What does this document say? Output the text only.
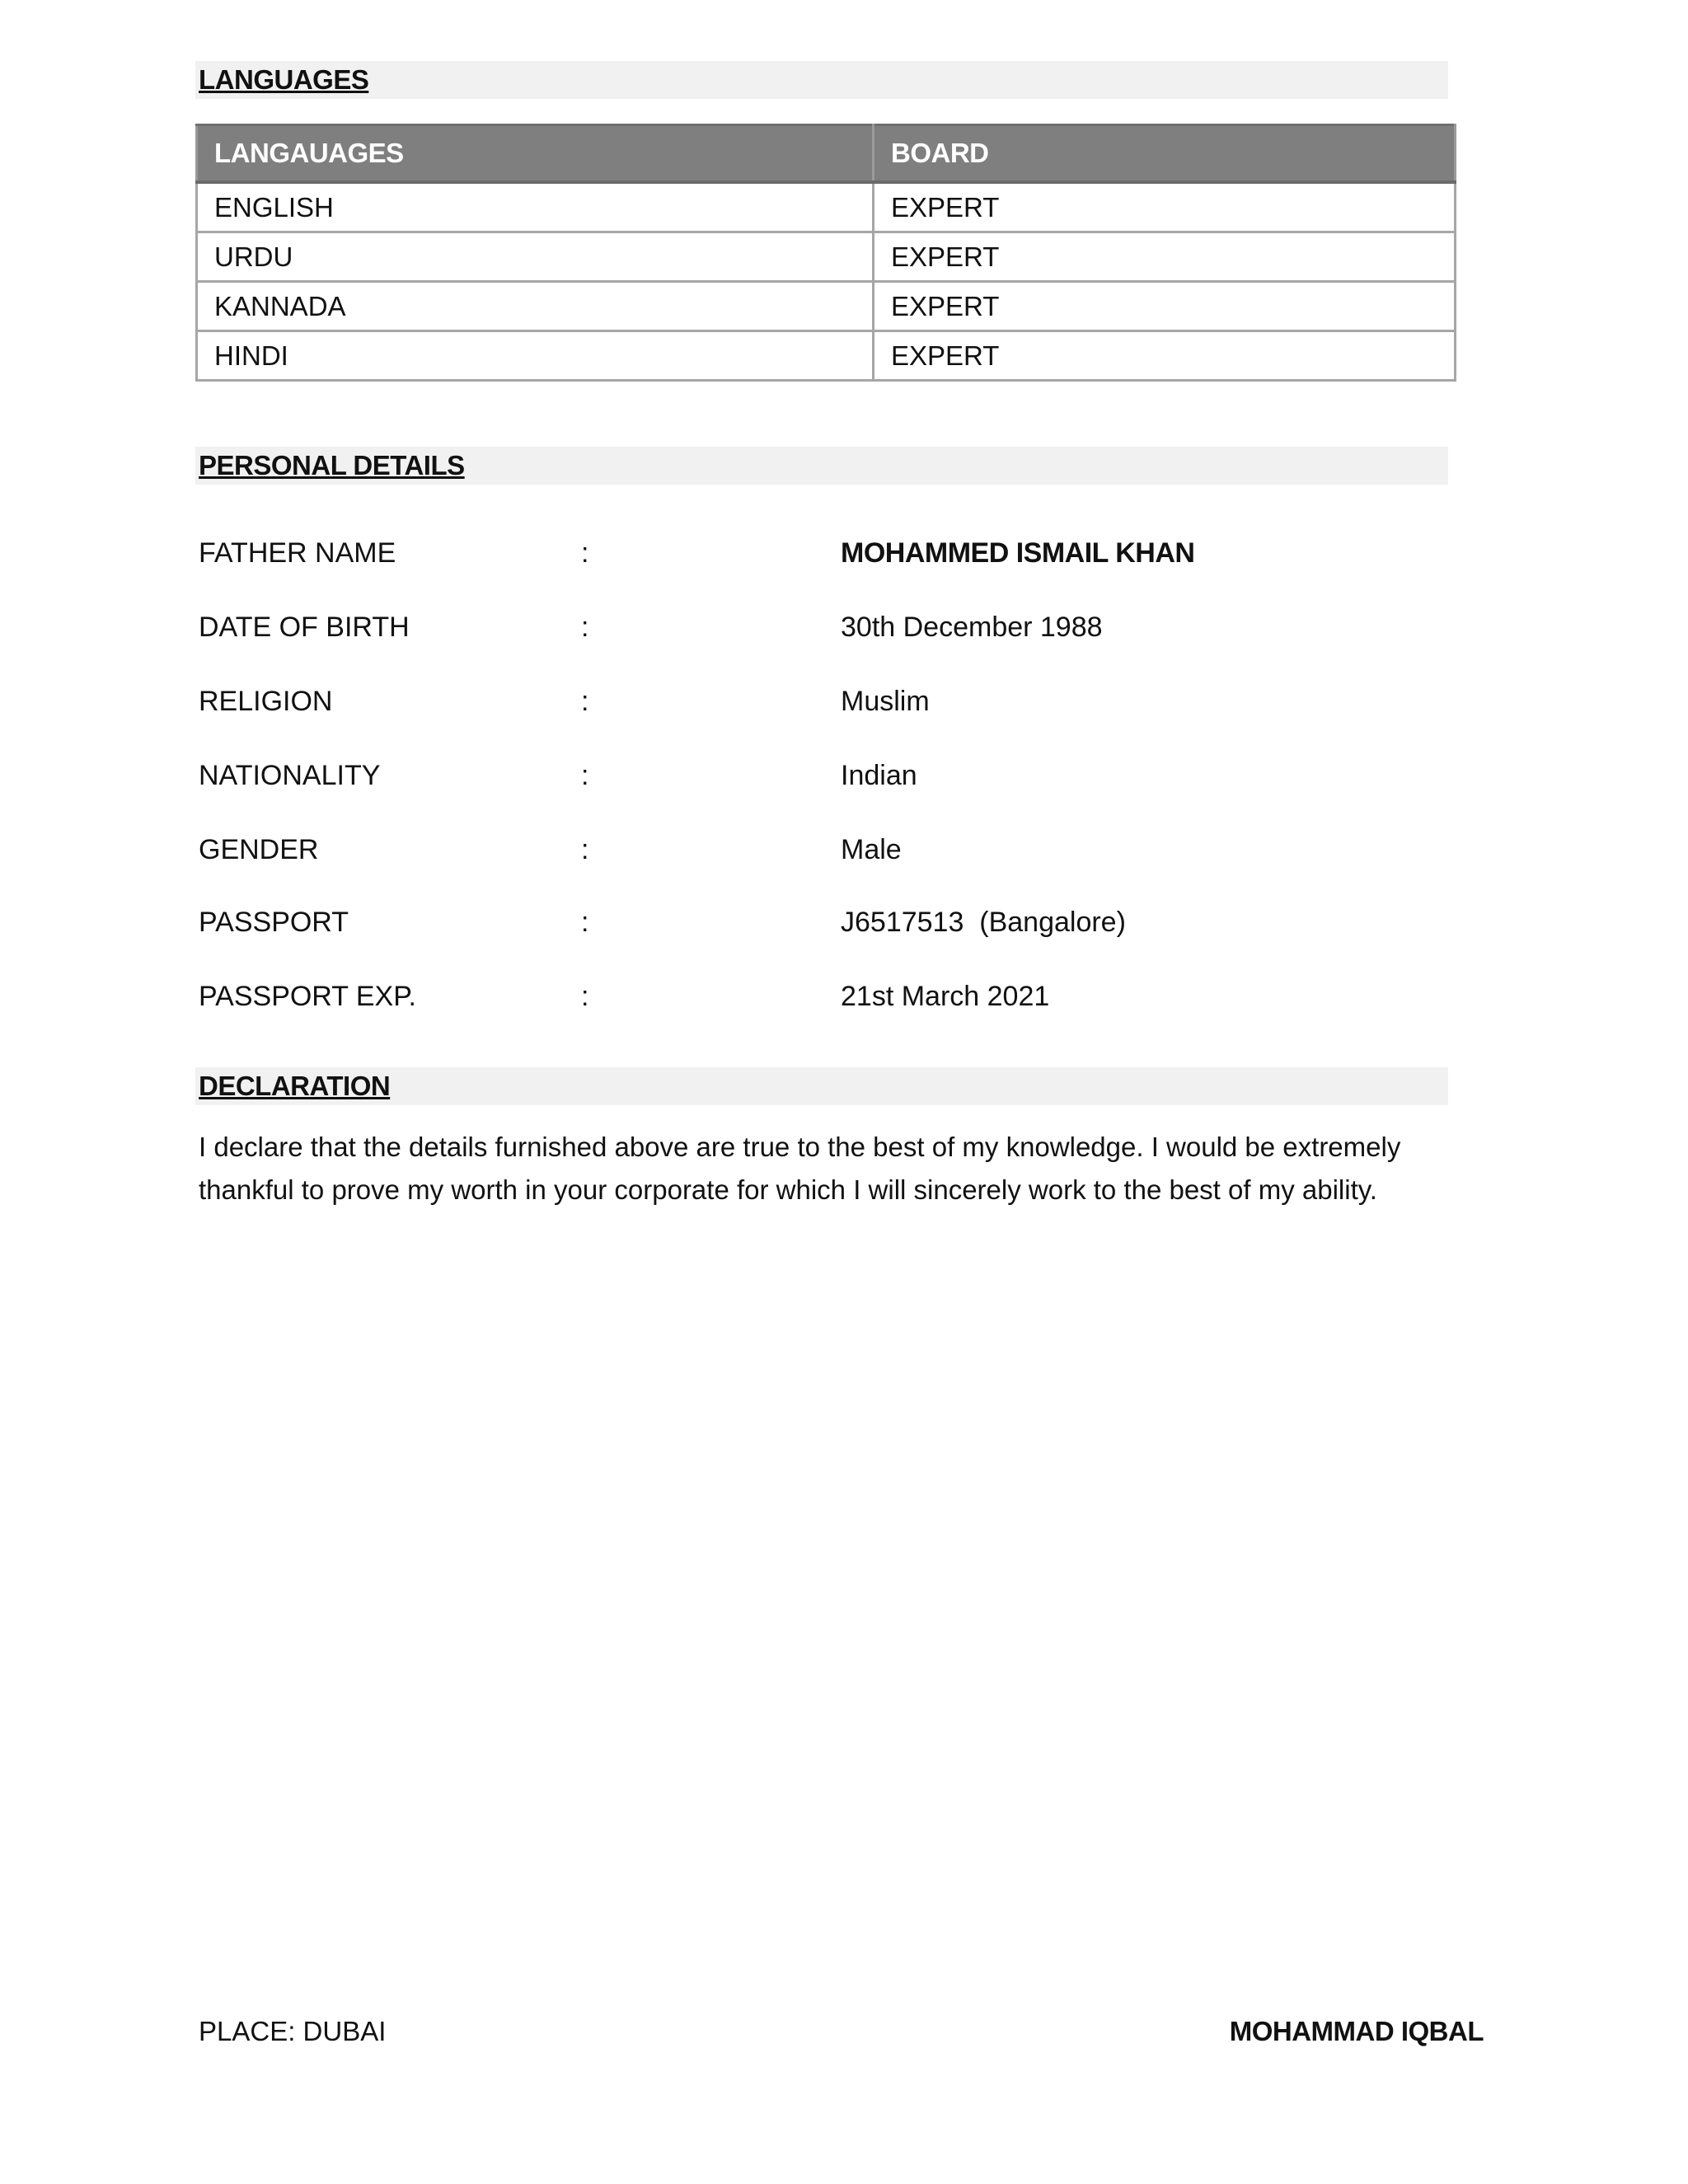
LANGUAGES
LANGAUAGES	BOARD
ENGLISH	EXPERT
URDU	EXPERT
KANNADA	EXPERT
HINDI	EXPERT
PERSONAL DETAILS
FATHER NAME	:	MOHAMMED ISMAIL KHAN
DATE OF BIRTH	:	30th December 1988
RELIGION	:	Muslim
NATIONALITY	:	Indian
GENDER	:	Male
PASSPORT	:	J6517513  (Bangalore)
PASSPORT EXP.	:	21st March 2021
DECLARATION
I declare that the details furnished above are true to the best of my knowledge. I would be extremely thankful to prove my worth in your corporate for which I will sincerely work to the best of my ability.
PLACE: DUBAI	MOHAMMAD IQBAL
